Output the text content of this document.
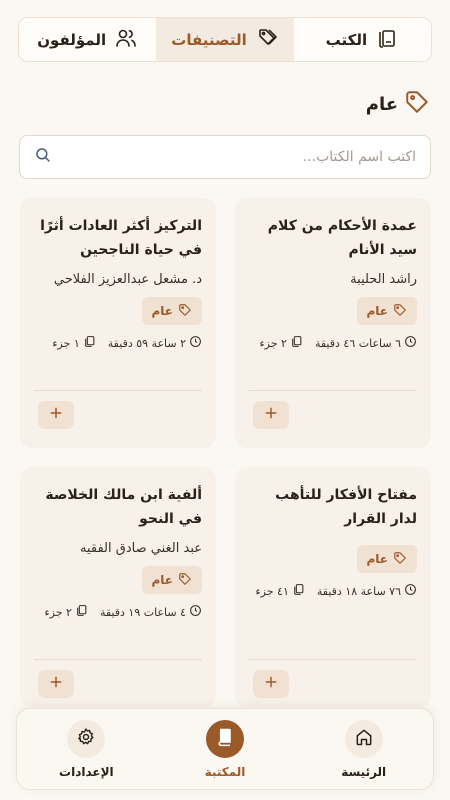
الكتب
التصنيفات
المؤلفون
عام
اكتب اسم الكتاب...
عمدة الأحكام من كلام سيد الأنام
راشد الحليبة
عام
٦ ساعات ٤٦ دقيقة
٢ جزء
التركيز أكثر العادات أثرًا في حياة الناجحين
د. مشعل عبدالعزيز الفلاحي
عام
٢ ساعة ٥٩ دقيقة
١ جزء
مفتاح الأفكار للتأهب لدار القرار
عام
٧٦ ساعة ١٨ دقيقة
٤١ جزء
ألفية ابن مالك الخلاصة في النحو
عبد الغني صادق الفقيه
عام
٤ ساعات ١٩ دقيقة
٢ جزء
الرئيسة
المكتبة
الإعدادات
